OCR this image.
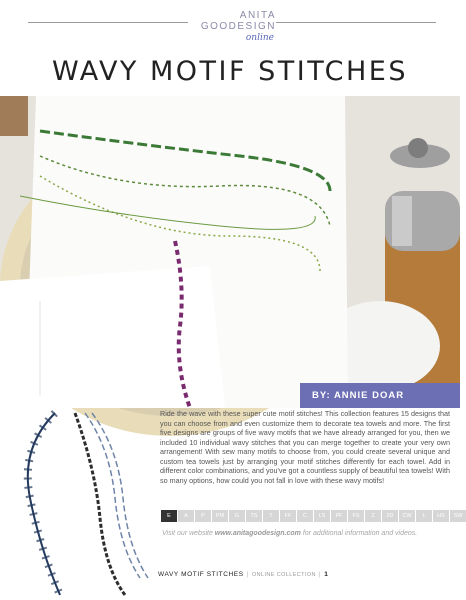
ANITA
GOODESIGN
online
WAVY MOTIF STITCHES
BY: ANNIE DOAR
Ride the wave with these super cute motif stitches! This collection features 15 designs that you can choose from and even customize them to decorate tea towels and more. The first five designs are groups of five wavy motifs that we have already arranged for you, then we included 10 individual wavy stitches that you can merge together to create your very own arrangement! With sew many motifs to choose from, you could create several unique and custom tea towels just by arranging your motif stitches differently for each towel. Add in different color combinations, and you've got a countless supply of beautiful tea towels! With so many options, how could you not fall in love with these wavy motifs!
E	A	P	PM	G	TS	T	FF	C	LS	PF	FS	Z	2D	CW	L	HS	SW
Visit our website www.anitagoodesign.com for additional information and videos.
WAVY MOTIF STITCHES | ONLINE COLLECTION | 1
